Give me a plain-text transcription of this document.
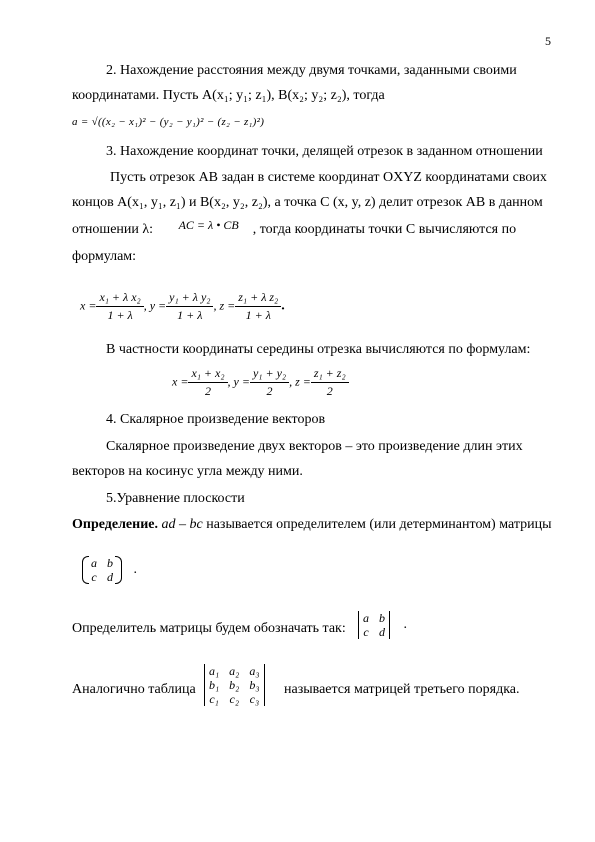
5
2. Нахождение расстояния между двумя точками, заданными своими
координатами. Пусть A(x₁; y₁; z₁), B(x₂; y₂; z₂), тогда
a = √((x₂ − x₁)² − (y₂ − y₁)² − (z₂ − z₁)²)
3. Нахождение координат точки, делящей отрезок в заданном отношении
Пусть отрезок АВ задан в системе координат OXYZ координатами своих
концов A(x₁, y₁, z₁) и B(x₂, y₂, z₂), а точка С (x, y, z) делит отрезок АВ в данном
отношении λ: AC = λ • CB , тогда координаты точки С вычисляются по
формулам:
$x = \frac{\text{x₁ + λ x₂}}{1 + \lambda}$ , $y = \frac{\text{y₁ + λ y₂}}{1 + \lambda}$ , $z = \frac{\text{z₁ + λ z₂}}{1 + \lambda}$ .
В частности координаты середины отрезка вычисляются по формулам:
$x = \frac{\text{x₁ + x₂}}{2}$ , $y = \frac{\text{y₁ + y₂}}{2}$ , $z = \frac{\text{z₁ + z₂}}{2}$
4. Скалярное произведение векторов
Скалярное произведение двух векторов – это произведение длин этих
векторов на косинус угла между ними.
5.Уравнение плоскости
Определение. ad – bc называется определителем (или детерминантом) матрицы
a	b
c	d .
Определитель матрицы будем обозначать так:
a	b
c	d .
Аналогично таблица
a₁	a₂	a₃
b₁	b₂	b₃
c₁	c₂	c₃
называется матрицей третьего порядка.
